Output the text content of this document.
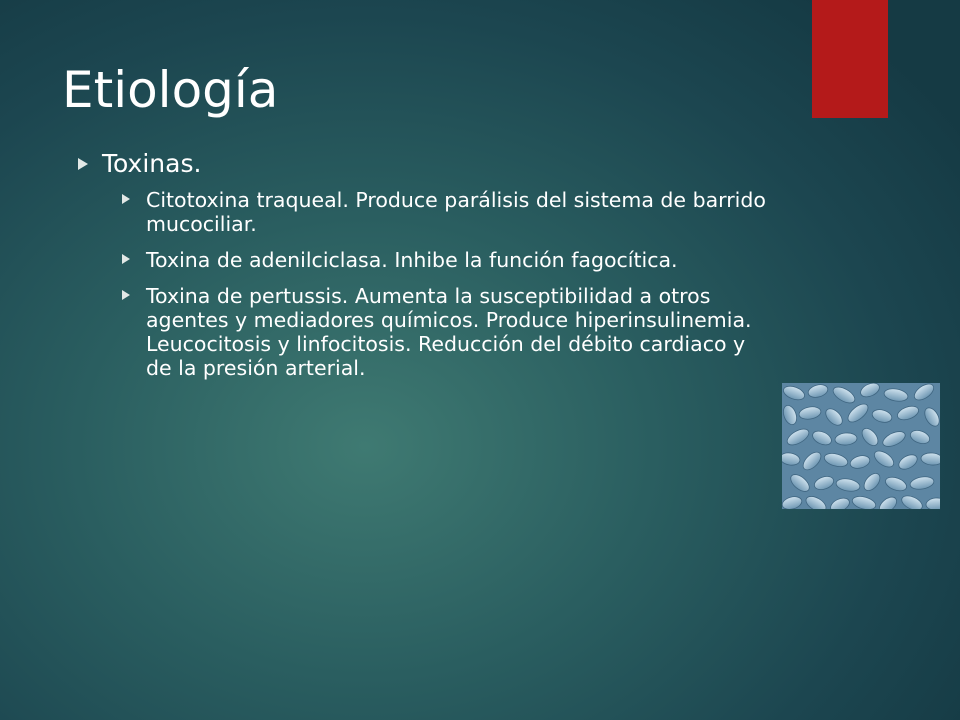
Etiología
Toxinas.
Citotoxina traqueal. Produce parálisis del sistema de barrido mucociliar.
Toxina de adenilciclasa. Inhibe la función fagocítica.
Toxina de pertussis. Aumenta la susceptibilidad a otros agentes y mediadores químicos. Produce hiperinsulinemia. Leucocitosis y linfocitosis. Reducción del débito cardiaco y de la presión arterial.
